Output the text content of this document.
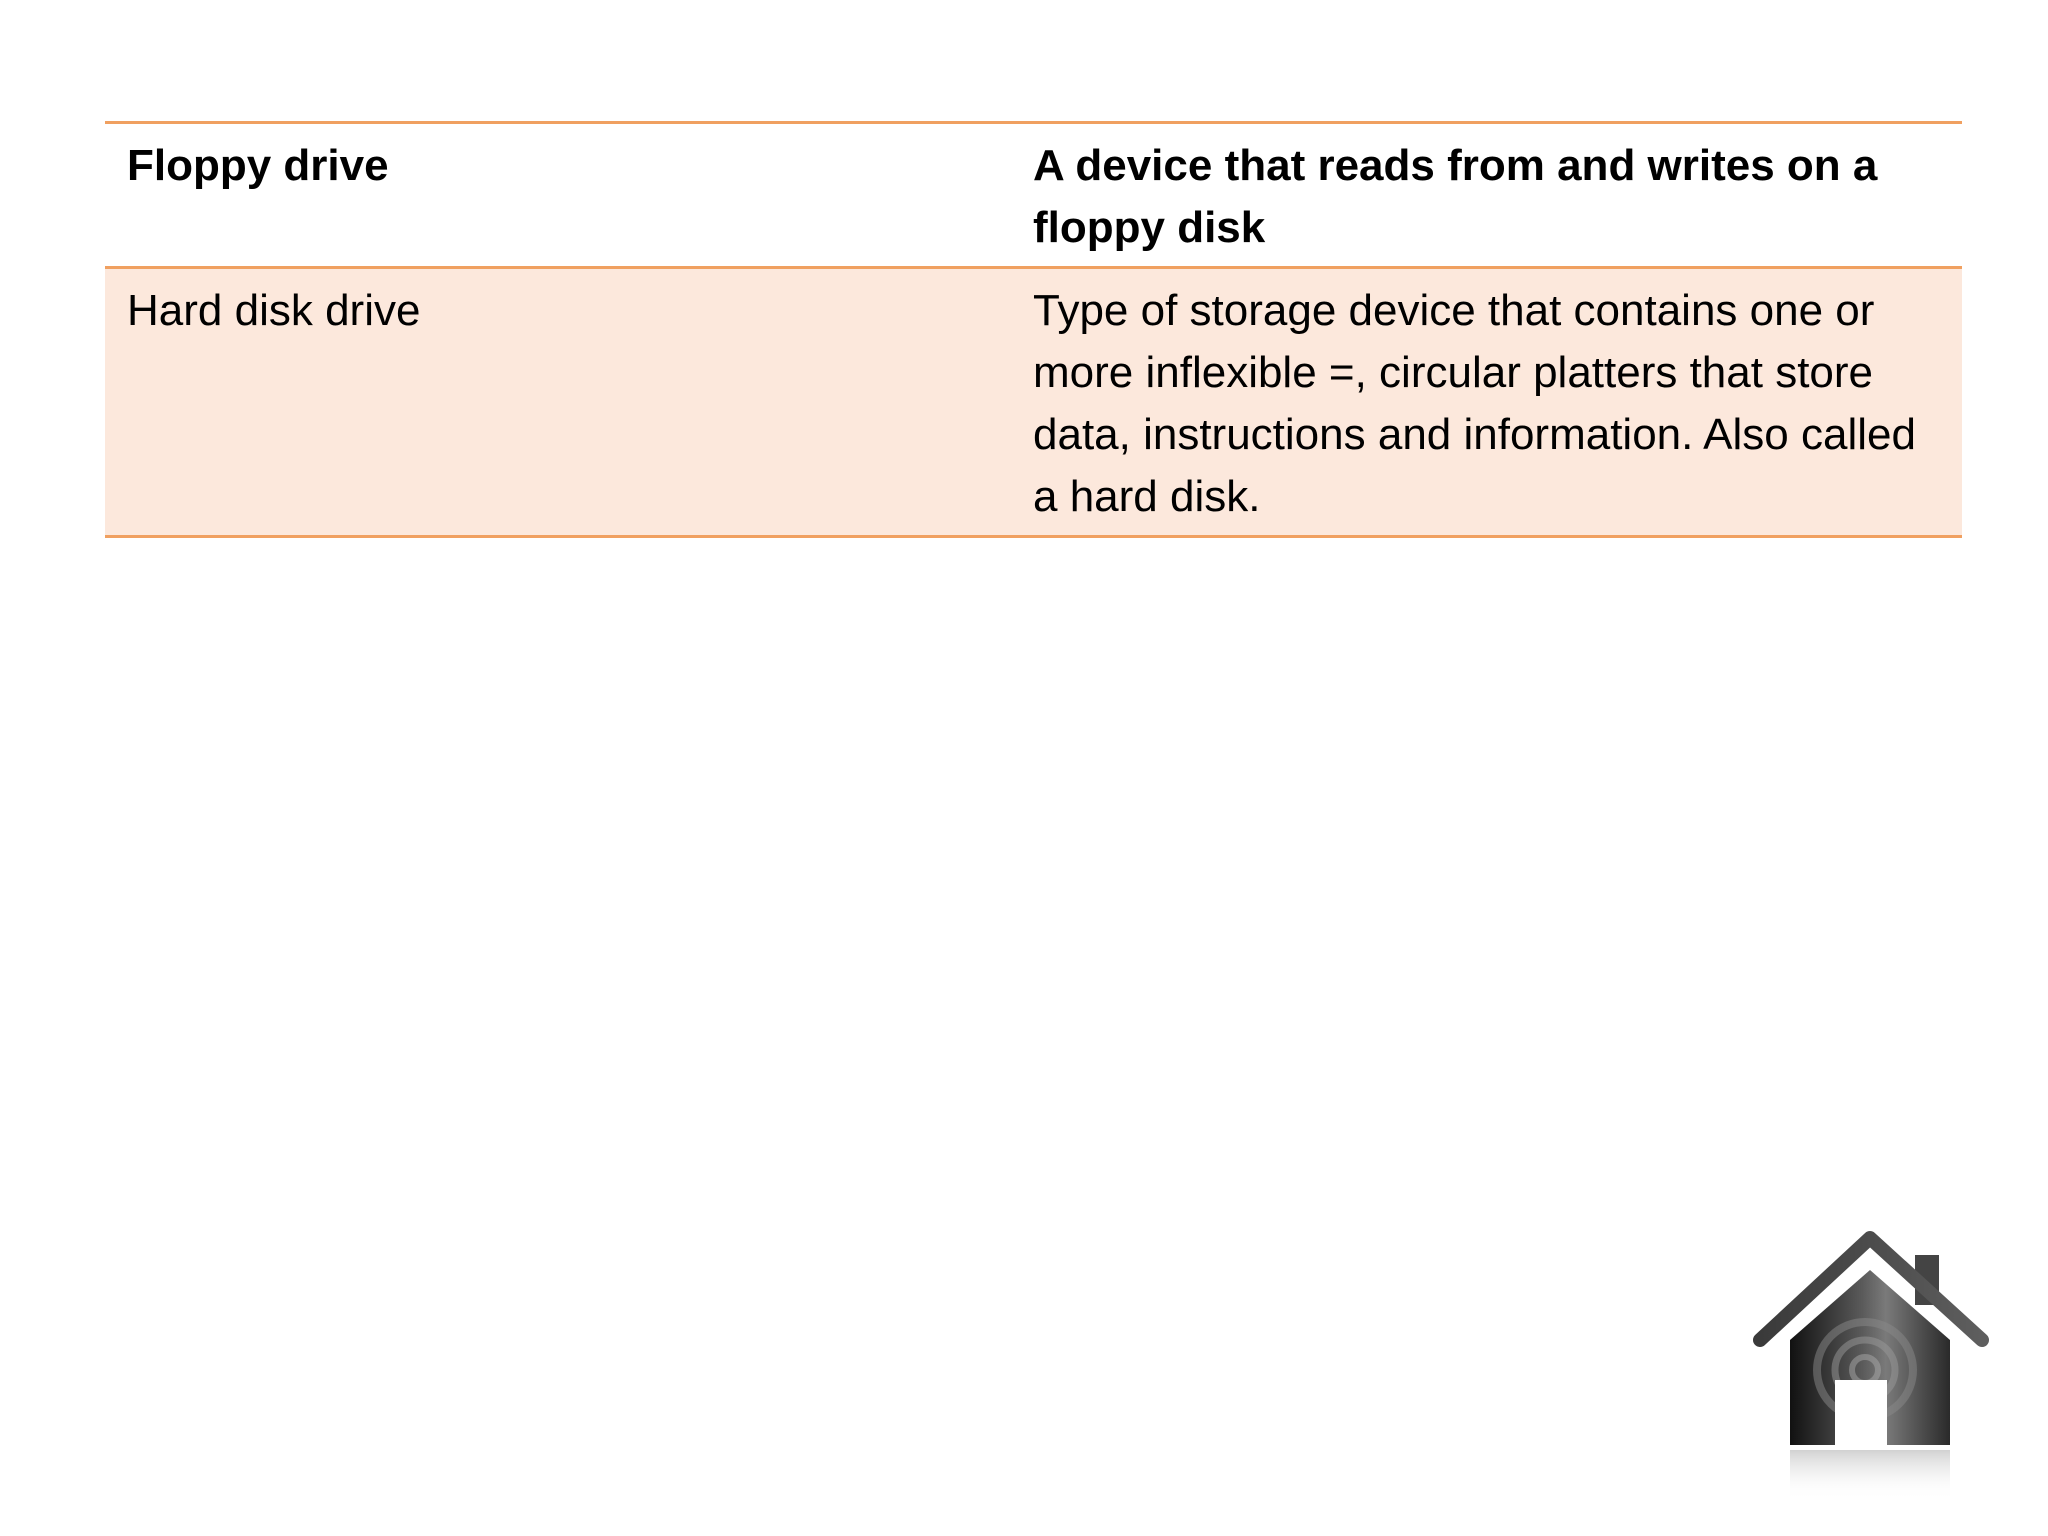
Floppy drive	A device that reads from and writes on a floppy disk
Hard disk drive	Type of storage device that contains one or more inflexible =, circular platters that store data, instructions and information. Also called a hard disk.
